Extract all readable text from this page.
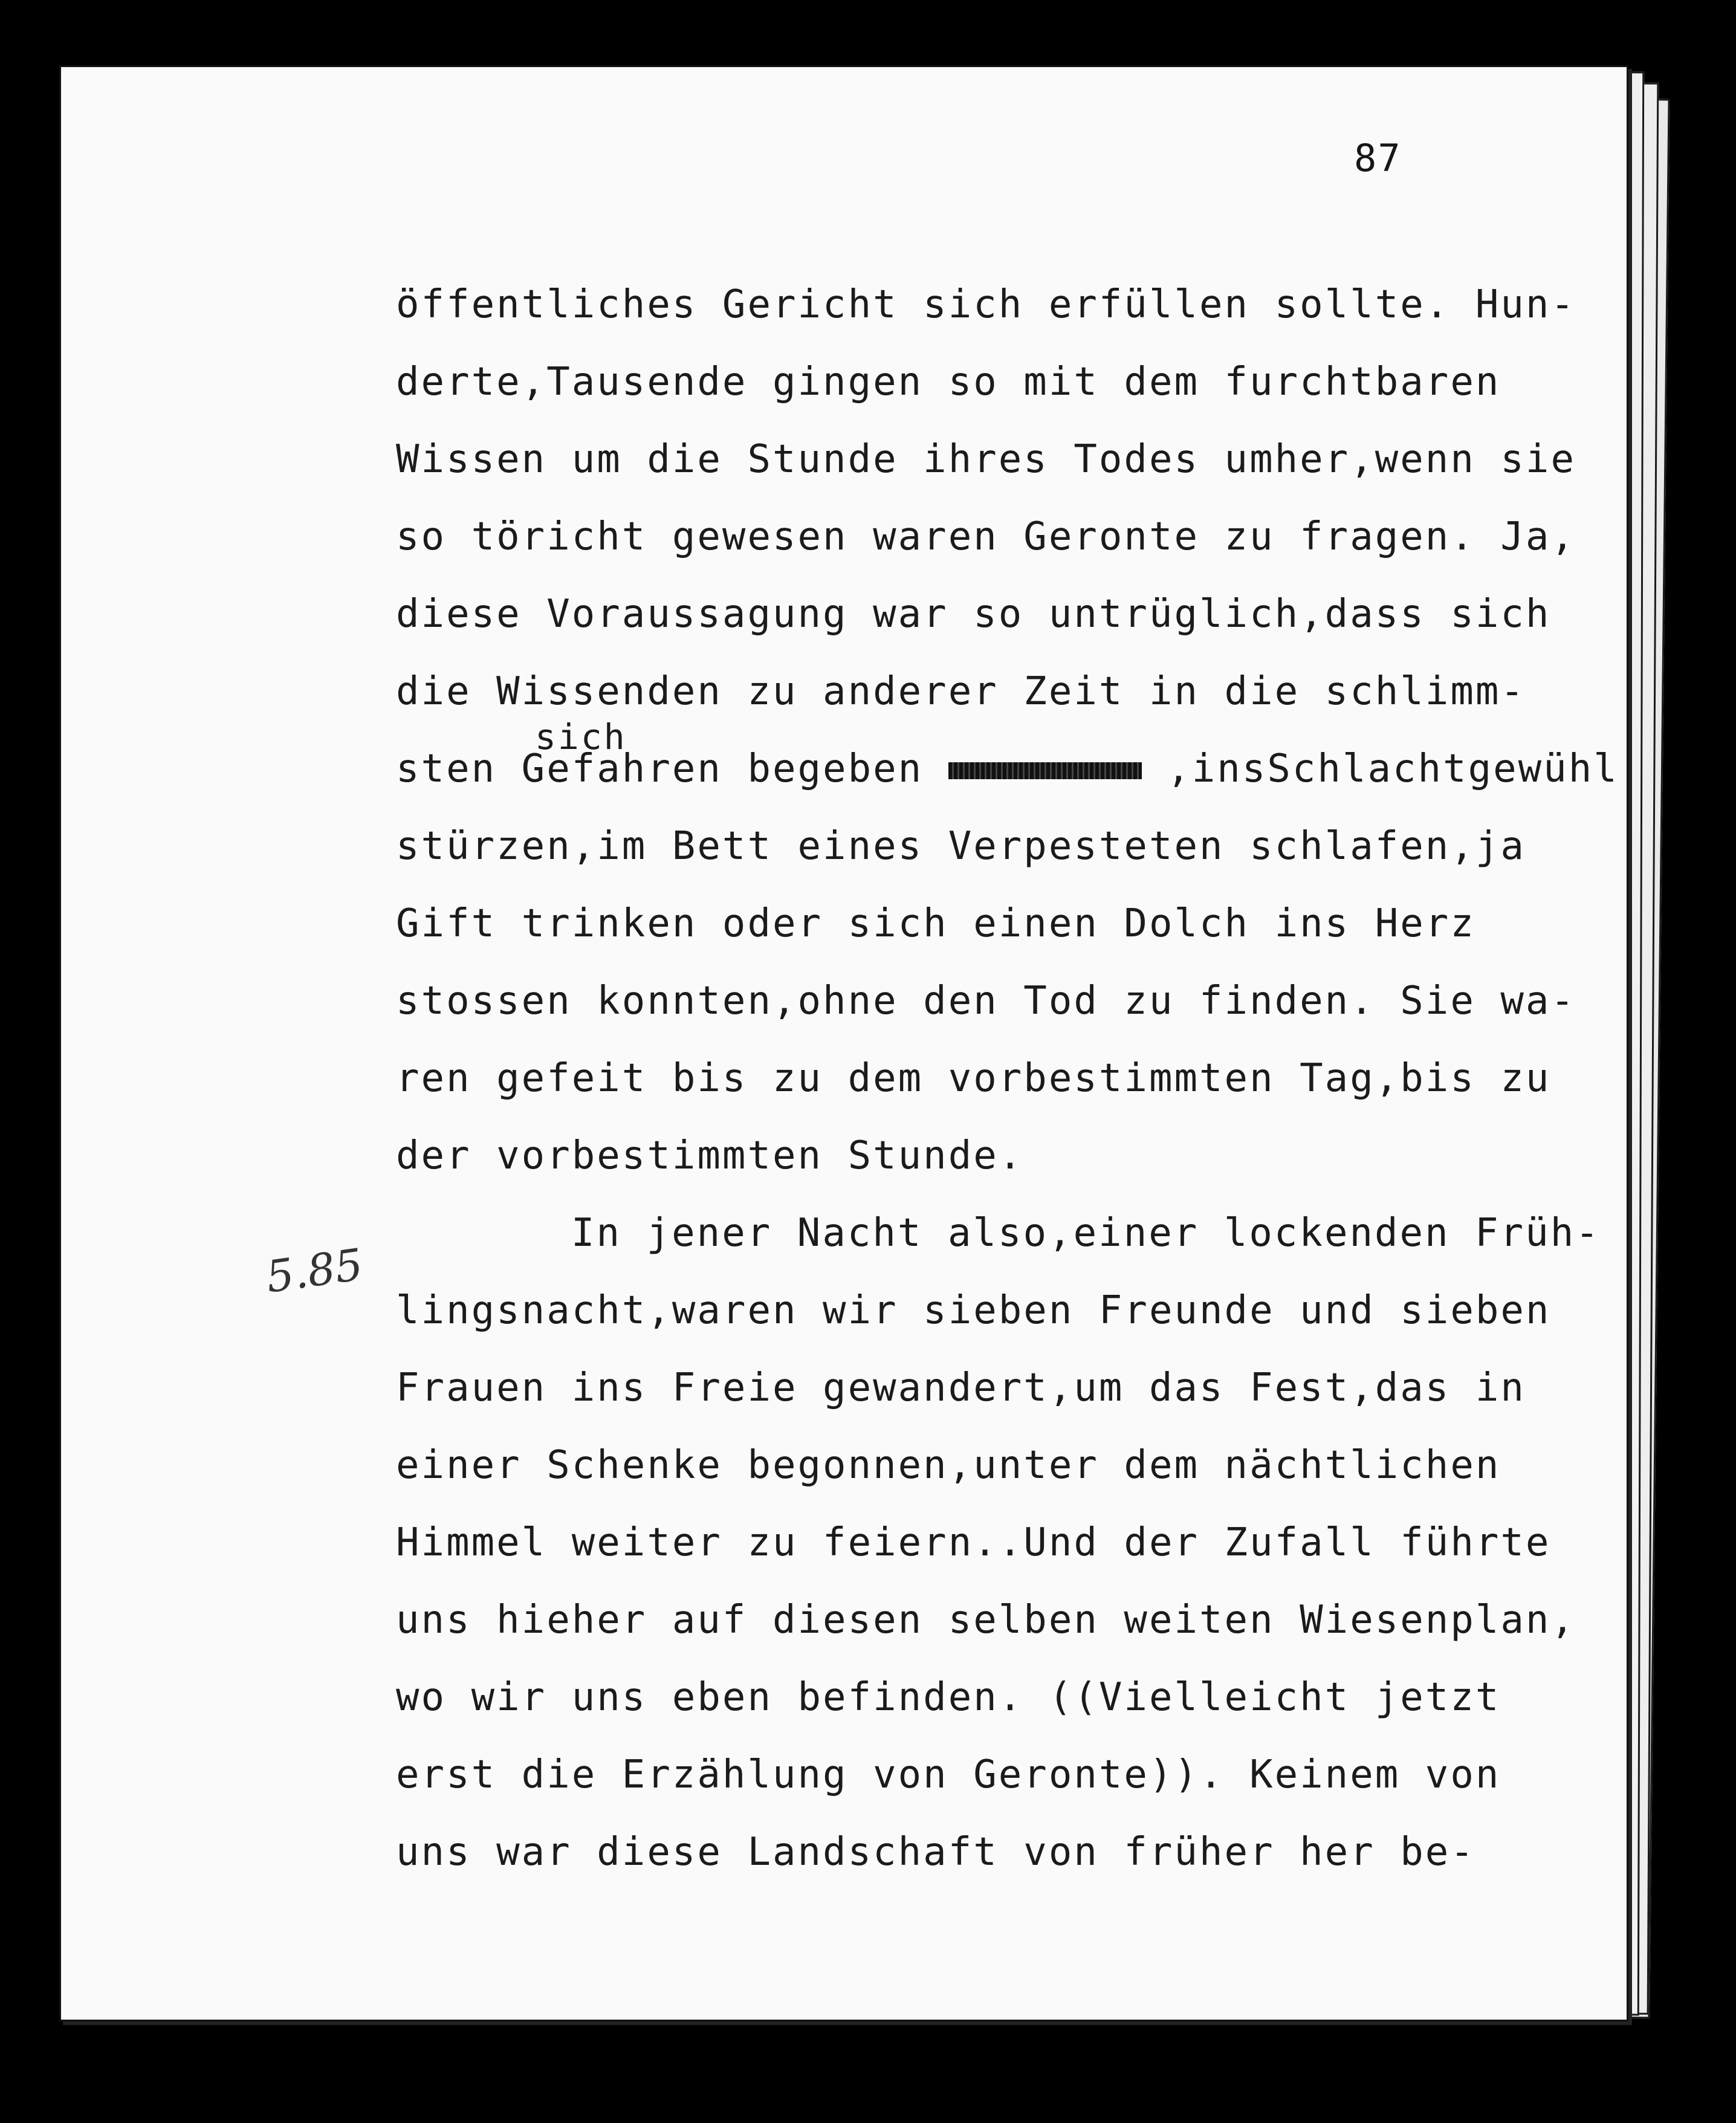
87
5.85
sich
öffentliches Gericht sich erfüllen sollte. Hun-
derte,Tausende gingen so mit dem furchtbaren
Wissen um die Stunde ihres Todes umher,wenn sie
so töricht gewesen waren Geronte zu fragen. Ja,
diese Voraussagung war so untrüglich,dass sich
die Wissenden zu anderer Zeit in die schlimm-
sten Gefahren begeben	,insSchlachtgewühl
stürzen,im Bett eines Verpesteten schlafen,ja
Gift trinken oder sich einen Dolch ins Herz
stossen konnten,ohne den Tod zu finden. Sie wa-
ren gefeit bis zu dem vorbestimmten Tag,bis zu
der vorbestimmten Stunde.
In jener Nacht also,einer lockenden Früh-
lingsnacht,waren wir sieben Freunde und sieben
Frauen ins Freie gewandert,um das Fest,das in
einer Schenke begonnen,unter dem nächtlichen
Himmel weiter zu feiern..Und der Zufall führte
uns hieher auf diesen selben weiten Wiesenplan,
wo wir uns eben befinden. ((Vielleicht jetzt
erst die Erzählung von Geronte)). Keinem von
uns war diese Landschaft von früher her be-
